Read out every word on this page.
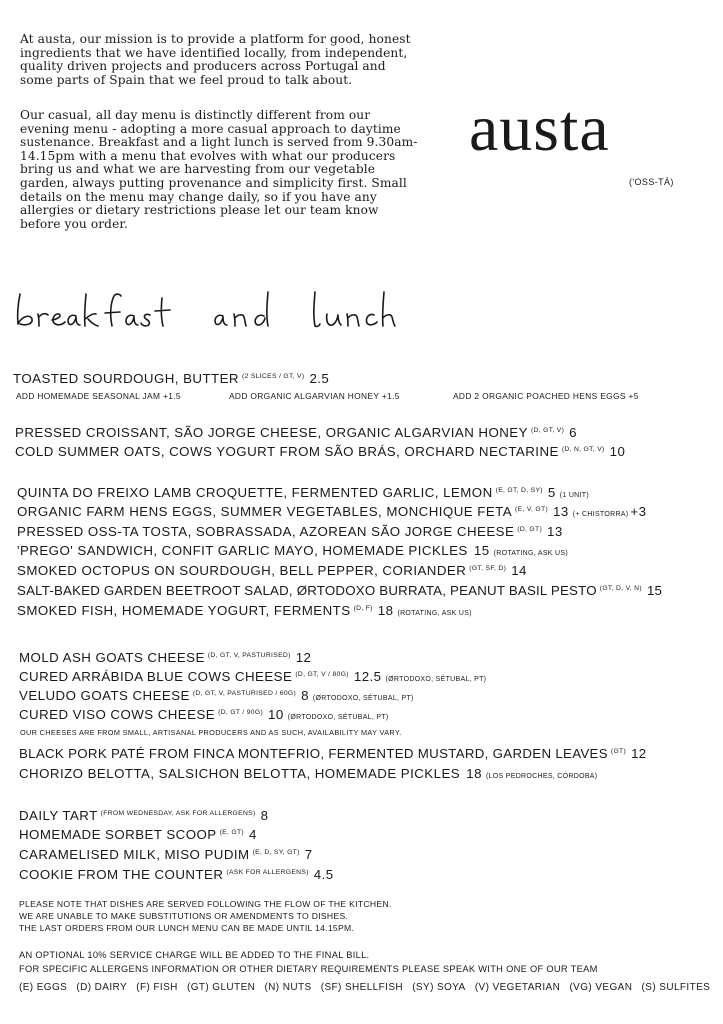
At austa, our mission is to provide a platform for good, honest ingredients that we have identified locally, from independent, quality driven projects and producers across Portugal and some parts of Spain that we feel proud to talk about.

Our casual, all day menu is distinctly different from our evening menu - adopting a more casual approach to daytime sustenance. Breakfast and a light lunch is served from 9.30am- 14.15pm with a menu that evolves with what our producers bring us and what we are harvesting from our vegetable garden, always putting provenance and simplicity first. Small details on the menu may change daily, so if you have any allergies or dietary restrictions please let our team know before you order.

austa
('OSS-TÁ)
TOASTED SOURDOUGH, BUTTER $^{(2 SLICES / GT, V)}$ 2.5
ADD HOMEMADE SEASONAL JAM +1.5	ADD ORGANIC ALGARVIAN HONEY +1.5	ADD 2 ORGANIC POACHED HENS EGGS +5
PRESSED CROISSANT, SÃO JORGE CHEESE, ORGANIC ALGARVIAN HONEY $^{(D, GT, V)}$ 6
COLD SUMMER OATS, COWS YOGURT FROM SÃO BRÁS, ORCHARD NECTARINE $^{(D, N, GT, V)}$ 10
QUINTA DO FREIXO LAMB CROQUETTE, FERMENTED GARLIC, LEMON $^{(E, GT, D, SY)}$ 5 (1 UNIT)
ORGANIC FARM HENS EGGS, SUMMER VEGETABLES, MONCHIQUE FETA $^{(E, V, GT)}$ 13 (+ CHISTORRA) +3
PRESSED OSS-TA TOSTA, SOBRASSADA, AZOREAN SÃO JORGE CHEESE $^{(D, GT)}$ 13
'PREGO' SANDWICH, CONFIT GARLIC MAYO, HOMEMADE PICKLES 15 (ROTATING, ASK US)
SMOKED OCTOPUS ON SOURDOUGH, BELL PEPPER, CORIANDER $^{(GT, SF, D)}$ 14
SALT-BAKED GARDEN BEETROOT SALAD, ØRTODOXO BURRATA, PEANUT BASIL PESTO $^{(GT, D, V, N)}$ 15
SMOKED FISH, HOMEMADE YOGURT, FERMENTS $^{(D, F)}$ 18 (ROTATING, ASK US)
MOLD ASH GOATS CHEESE $^{(D, GT, V, PASTURISED)}$ 12
CURED ARRÁBIDA BLUE COWS CHEESE $^{(D, GT, V / 80G)}$ 12.5 (ØRTODOXO, SÉTUBAL, PT)
VELUDO GOATS CHEESE $^{(D, GT, V, PASTURISED / 60G)}$ 8 (ØRTODOXO, SÉTUBAL, PT)
CURED VISO COWS CHEESE $^{(D, GT / 90G)}$ 10 (ØRTODOXO, SÉTUBAL, PT)
OUR CHEESES ARE FROM SMALL, ARTISANAL PRODUCERS AND AS SUCH, AVAILABILITY MAY VARY.
BLACK PORK PATÉ FROM FINCA MONTEFRIO, FERMENTED MUSTARD, GARDEN LEAVES $^{(GT)}$ 12
CHORIZO BELOTTA, SALSICHON BELOTTA, HOMEMADE PICKLES 18 (LOS PEDROCHES, CÓRDOBA)
DAILY TART $^{(FROM WEDNESDAY, ASK FOR ALLERGENS)}$ 8
HOMEMADE SORBET SCOOP $^{(E, GT)}$ 4
CARAMELISED MILK, MISO PUDIM $^{(E, D, SY, GT)}$ 7
COOKIE FROM THE COUNTER $^{(ASK FOR ALLERGENS)}$ 4.5
PLEASE NOTE THAT DISHES ARE SERVED FOLLOWING THE FLOW OF THE KITCHEN.
WE ARE UNABLE TO MAKE SUBSTITUTIONS OR AMENDMENTS TO DISHES.
THE LAST ORDERS FROM OUR LUNCH MENU CAN BE MADE UNTIL 14.15PM.
AN OPTIONAL 10% SERVICE CHARGE WILL BE ADDED TO THE FINAL BILL.
FOR SPECIFIC ALLERGENS INFORMATION OR OTHER DIETARY REQUIREMENTS PLEASE SPEAK WITH ONE OF OUR TEAM
(E) EGGS (D) DAIRY (F) FISH (GT) GLUTEN (N) NUTS (SF) SHELLFISH (SY) SOYA (V) VEGETARIAN (VG) VEGAN (S) SULFITES
